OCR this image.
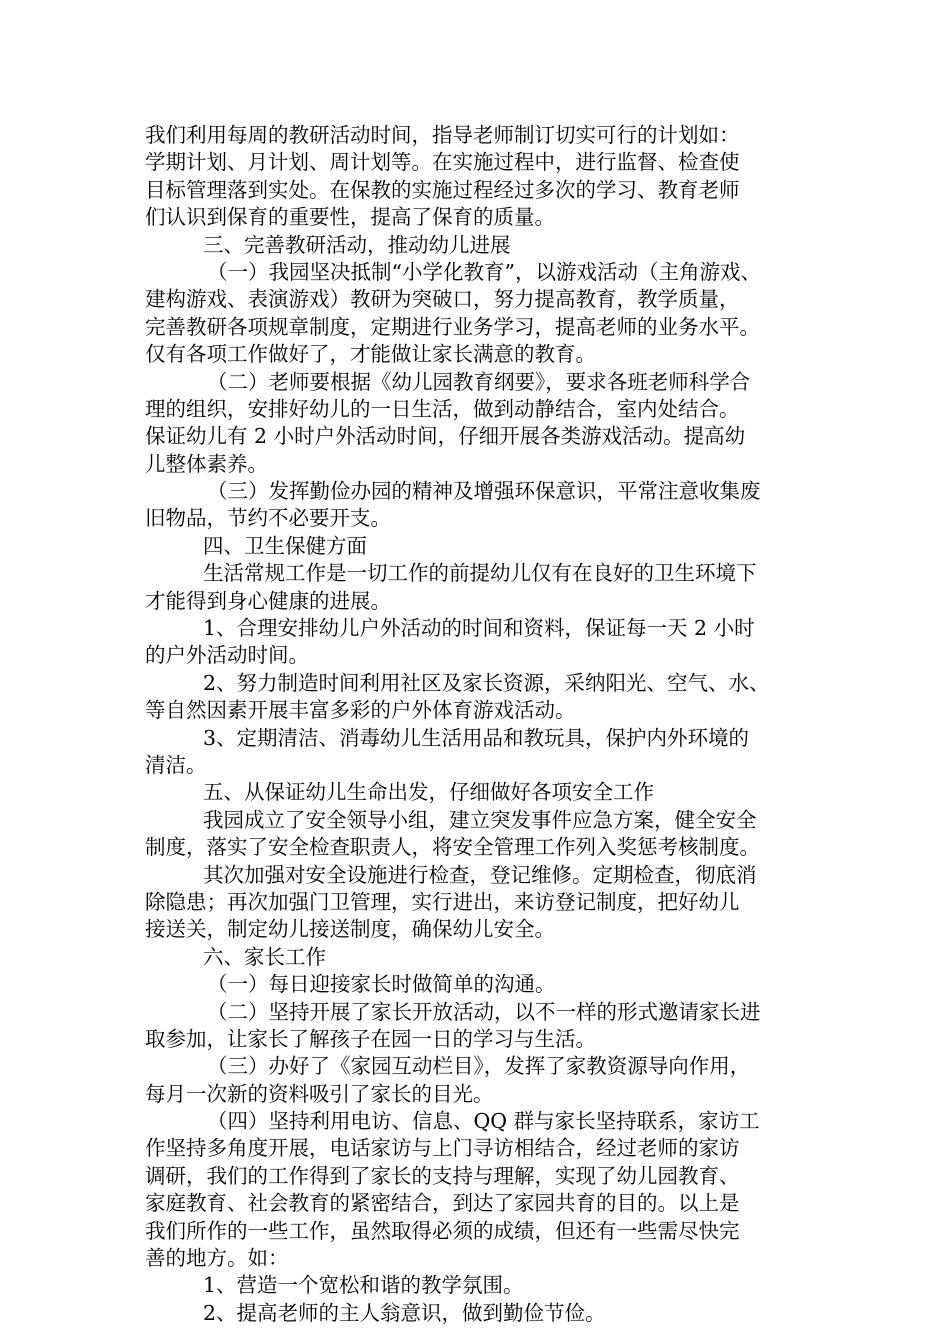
我们利用每周的教研活动时间，指导老师制订切实可行的计划如：
学期计划、月计划、周计划等。在实施过程中，进行监督、检查使
目标管理落到实处。在保教的实施过程经过多次的学习、教育老师
们认识到保育的重要性，提高了保育的质量。
三、完善教研活动，推动幼儿进展
（一）我园坚决抵制“小学化教育”，以游戏活动（主角游戏、
建构游戏、表演游戏）教研为突破口，努力提高教育，教学质量，
完善教研各项规章制度，定期进行业务学习，提高老师的业务水平。
仅有各项工作做好了，才能做让家长满意的教育。
（二）老师要根据《幼儿园教育纲要》，要求各班老师科学合
理的组织，安排好幼儿的一日生活，做到动静结合，室内处结合。
保证幼儿有 2 小时户外活动时间，仔细开展各类游戏活动。提高幼
儿整体素养。
（三）发挥勤俭办园的精神及增强环保意识，平常注意收集废
旧物品，节约不必要开支。
四、卫生保健方面
生活常规工作是一切工作的前提幼儿仅有在良好的卫生环境下
才能得到身心健康的进展。
1、合理安排幼儿户外活动的时间和资料，保证每一天 2 小时
的户外活动时间。
2、努力制造时间利用社区及家长资源，采纳阳光、空气、水、
等自然因素开展丰富多彩的户外体育游戏活动。
3、定期清洁、消毒幼儿生活用品和教玩具，保护内外环境的
清洁。
五、从保证幼儿生命出发，仔细做好各项安全工作
我园成立了安全领导小组，建立突发事件应急方案，健全安全
制度，落实了安全检查职责人，将安全管理工作列入奖惩考核制度。
其次加强对安全设施进行检查，登记维修。定期检查，彻底消
除隐患；再次加强门卫管理，实行进出，来访登记制度，把好幼儿
接送关，制定幼儿接送制度，确保幼儿安全。
六、家长工作
（一）每日迎接家长时做简单的沟通。
（二）坚持开展了家长开放活动，以不一样的形式邀请家长进
取参加，让家长了解孩子在园一日的学习与生活。
（三）办好了《家园互动栏目》，发挥了家教资源导向作用，
每月一次新的资料吸引了家长的目光。
（四）坚持利用电访、信息、QQ 群与家长坚持联系，家访工
作坚持多角度开展，电话家访与上门寻访相结合，经过老师的家访
调研，我们的工作得到了家长的支持与理解，实现了幼儿园教育、
家庭教育、社会教育的紧密结合，到达了家园共育的目的。以上是
我们所作的一些工作，虽然取得必须的成绩，但还有一些需尽快完
善的地方。如：
1、营造一个宽松和谐的教学氛围。
2、提高老师的主人翁意识，做到勤俭节俭。
